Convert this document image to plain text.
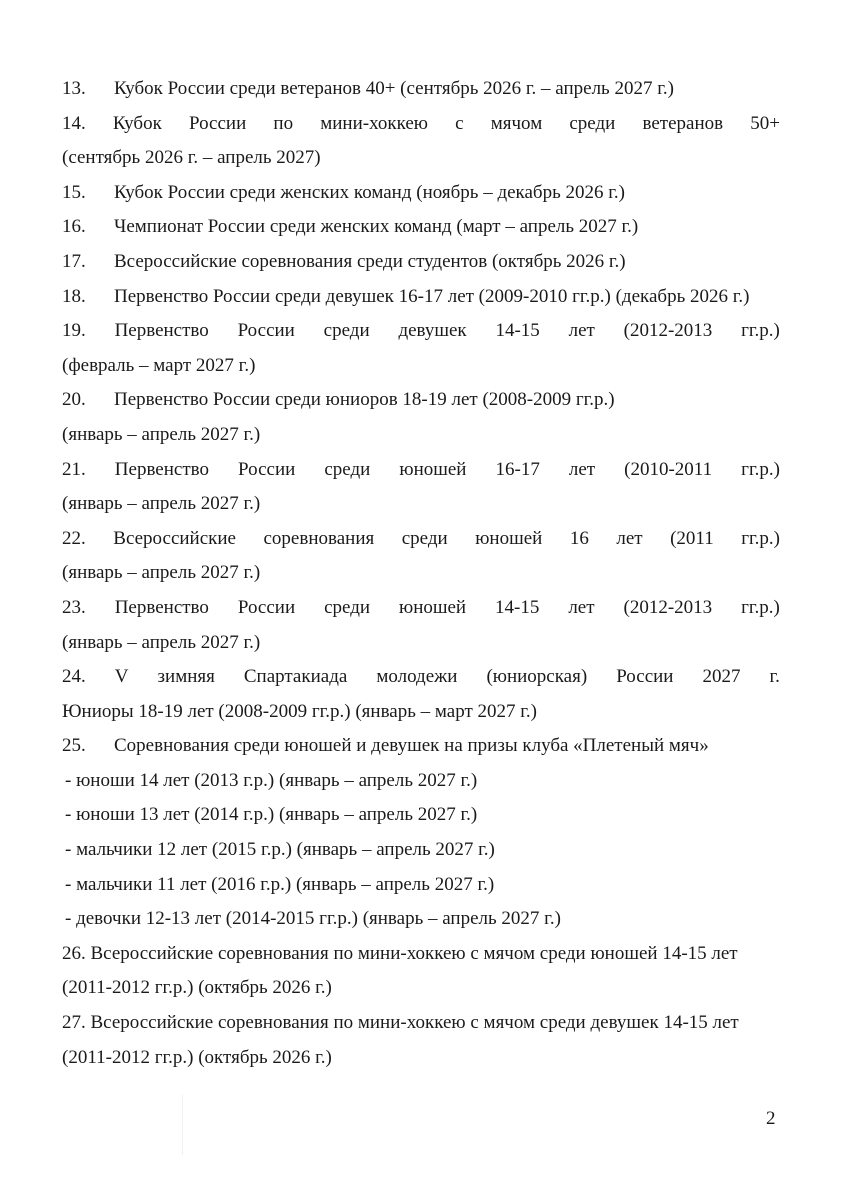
13. Кубок России среди ветеранов 40+ (сентябрь 2026 г. – апрель 2027 г.)
14. Кубок России по мини-хоккею с мячом среди ветеранов 50+
(сентябрь 2026 г. – апрель 2027)
15. Кубок России среди женских команд (ноябрь – декабрь 2026 г.)
16. Чемпионат России среди женских команд (март – апрель 2027 г.)
17. Всероссийские соревнования среди студентов (октябрь 2026 г.)
18. Первенство России среди девушек 16-17 лет (2009-2010 гг.р.) (декабрь 2026 г.)
19. Первенство России среди девушек 14-15 лет (2012-2013 гг.р.)
(февраль – март 2027 г.)
20. Первенство России среди юниоров 18-19 лет (2008-2009 гг.р.)
(январь – апрель 2027 г.)
21. Первенство России среди юношей 16-17 лет (2010-2011 гг.р.)
(январь – апрель 2027 г.)
22. Всероссийские соревнования среди юношей 16 лет (2011 гг.р.)
(январь – апрель 2027 г.)
23. Первенство России среди юношей 14-15 лет (2012-2013 гг.р.)
(январь – апрель 2027 г.)
24. V зимняя Спартакиада молодежи (юниорская) России 2027 г.
Юниоры 18-19 лет (2008-2009 гг.р.) (январь – март 2027 г.)
25. Соревнования среди юношей и девушек на призы клуба «Плетеный мяч»
- юноши 14 лет (2013 г.р.) (январь – апрель 2027 г.)
- юноши 13 лет (2014 г.р.) (январь – апрель 2027 г.)
- мальчики 12 лет (2015 г.р.) (январь – апрель 2027 г.)
- мальчики 11 лет (2016 г.р.) (январь – апрель 2027 г.)
- девочки 12-13 лет (2014-2015 гг.р.) (январь – апрель 2027 г.)
26. Всероссийские соревнования по мини-хоккею с мячом среди юношей 14-15 лет
(2011-2012 гг.р.) (октябрь 2026 г.)
27. Всероссийские соревнования по мини-хоккею с мячом среди девушек 14-15 лет
(2011-2012 гг.р.) (октябрь 2026 г.)
2
